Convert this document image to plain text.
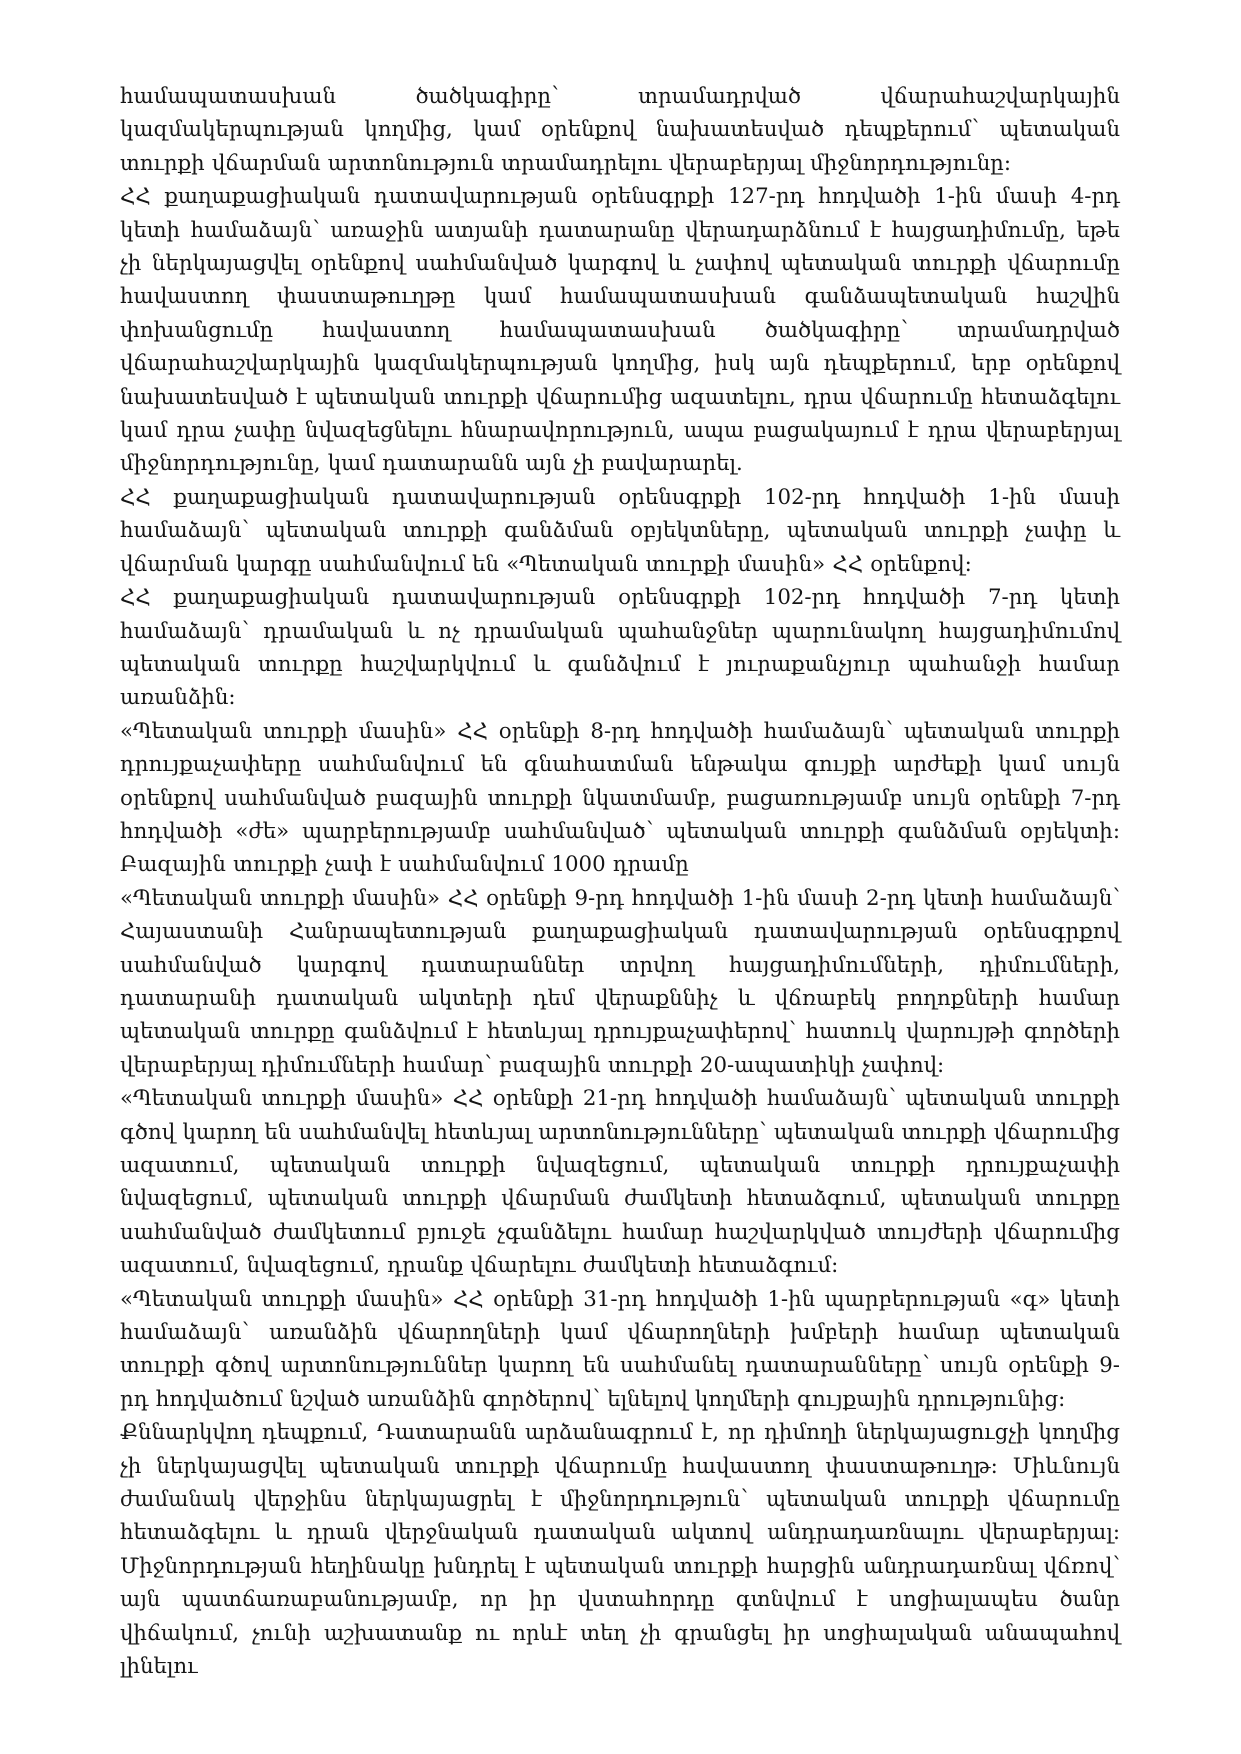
համապատասխան ծածկագիրը՝ տրամադրված վճարահաշվարկային կազմակերպության կողմից, կամ օրենքով նախատեսված դեպքերում՝ պետական տուրքի վճարման արտոնություն տրամադրելու վերաբերյալ միջնորդությունը:

ՀՀ քաղաքացիական դատավարության օրենսգրքի 127-րդ հոդվածի 1-ին մասի 4-րդ կետի համաձայն՝ առաջին ատյանի դատարանը վերադարձնում է հայցադիմումը, եթե չի ներկայացվել օրենքով սահմանված կարգով և չափով պետական տուրքի վճարումը հավաստող փաստաթուղթը կամ համապատասխան գանձապետական հաշվին փոխանցումը հավաստող համապատասխան ծածկագիրը՝ տրամադրված վճարահաշվարկային կազմակերպության կողմից, իսկ այն դեպքերում, երբ օրենքով նախատեսված է պետական տուրքի վճարումից ազատելու, դրա վճարումը հետաձգելու կամ դրա չափը նվազեցնելու հնարավորություն, ապա բացակայում է դրա վերաբերյալ միջնորդությունը, կամ դատարանն այն չի բավարարել.

ՀՀ քաղաքացիական դատավարության օրենսգրքի 102-րդ հոդվածի 1-ին մասի համաձայն՝ պետական տուրքի գանձման օբյեկտները, պետական տուրքի չափը և վճարման կարգը սահմանվում են «Պետական տուրքի մասին» ՀՀ օրենքով:

ՀՀ քաղաքացիական դատավարության օրենսգրքի 102-րդ հոդվածի 7-րդ կետի համաձայն՝ դրամական և ոչ դրամական պահանջներ պարունակող հայցադիմումով պետական տուրքը հաշվարկվում և գանձվում է յուրաքանչյուր պահանջի համար առանձին:

«Պետական տուրքի մասին» ՀՀ օրենքի 8-րդ հոդվածի համաձայն՝ պետական տուրքի դրույքաչափերը սահմանվում են գնահատման ենթակա գույքի արժեքի կամ սույն օրենքով սահմանված բազային տուրքի նկատմամբ, բացառությամբ սույն օրենքի 7-րդ հոդվածի «ժե» պարբերությամբ սահմանված՝ պետական տուրքի գանձման օբյեկտի: Բազային տուրքի չափ է սահմանվում 1000 դրամը

«Պետական տուրքի մասին» ՀՀ օրենքի 9-րդ հոդվածի 1-ին մասի 2-րդ կետի համաձայն՝ Հայաստանի Հանրապետության քաղաքացիական դատավարության օրենսգրքով սահմանված կարգով դատարաններ տրվող հայցադիմումների, դիմումների, դատարանի դատական ակտերի դեմ վերաքննիչ և վճռաբեկ բողոքների համար պետական տուրքը գանձվում է հետևյալ դրույքաչափերով՝ հատուկ վարույթի գործերի վերաբերյալ դիմումների համար՝ բազային տուրքի 20-ապատիկի չափով:

«Պետական տուրքի մասին» ՀՀ օրենքի 21-րդ հոդվածի համաձայն՝ պետական տուրքի գծով կարող են սահմանվել հետևյալ արտոնությունները՝ պետական տուրքի վճարումից ազատում, պետական տուրքի նվազեցում, պետական տուրքի դրույքաչափի նվազեցում, պետական տուրքի վճարման ժամկետի հետաձգում, պետական տուրքը սահմանված ժամկետում բյուջե չգանձելու համար հաշվարկված տույժերի վճարումից ազատում, նվազեցում, դրանք վճարելու ժամկետի հետաձգում:

«Պետական տուրքի մասին» ՀՀ օրենքի 31-րդ հոդվածի 1-ին պարբերության «գ» կետի համաձայն՝ առանձին վճարողների կամ վճարողների խմբերի համար պետական տուրքի գծով արտոնություններ կարող են սահմանել դատարանները՝ սույն օրենքի 9-րդ հոդվածում նշված առանձին գործերով՝ ելնելով կողմերի գույքային դրությունից:

Քննարկվող դեպքում, Դատարանն արձանագրում է, որ դիմողի ներկայացուցչի կողմից չի ներկայացվել պետական տուրքի վճարումը հավաստող փաստաթուղթ: Միևնույն ժամանակ վերջինս ներկայացրել է միջնորդություն՝ պետական տուրքի վճարումը հետաձգելու և դրան վերջնական դատական ակտով անդրադառնալու վերաբերյալ: Միջնորդության հեղինակը խնդրել է պետական տուրքի հարցին անդրադառնալ վճռով՝ այն պատճառաբանությամբ, որ իր վստահորդը գտնվում է սոցիալապես ծանր վիճակում, չունի աշխատանք ու որևէ տեղ չի գրանցել իր սոցիալական անապահով լինելու
